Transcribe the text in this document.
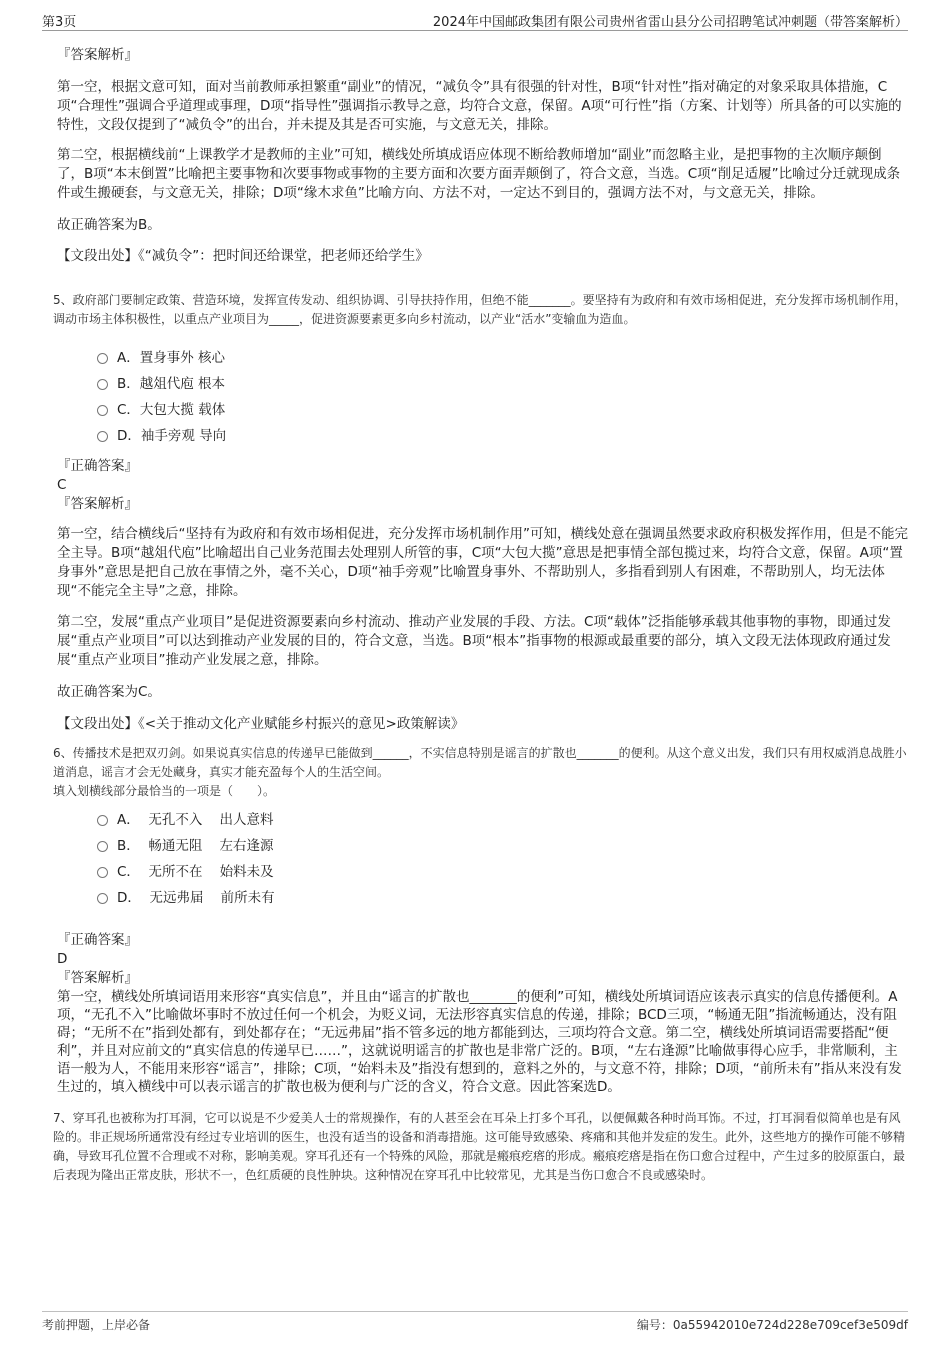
第3页	2024年中国邮政集团有限公司贵州省雷山县分公司招聘笔试冲刺题（带答案解析）

『答案解析』

第一空，根据文意可知，面对当前教师承担繁重“副业”的情况，“减负令”具有很强的针对性，B项“针对性”指对确定的对象采取具体措施，C项“合理性”强调合乎道理或事理，D项“指导性”强调指示教导之意，均符合文意，保留。A项“可行性”指（方案、计划等）所具备的可以实施的特性，文段仅提到了“减负令”的出台，并未提及其是否可实施，与文意无关，排除。

第二空，根据横线前“上课教学才是教师的主业”可知，横线处所填成语应体现不断给教师增加“副业”而忽略主业，是把事物的主次顺序颠倒了，B项“本末倒置”比喻把主要事物和次要事物或事物的主要方面和次要方面弄颠倒了，符合文意，当选。C项“削足适履”比喻过分迁就现成条件或生搬硬套，与文意无关，排除；D项“缘木求鱼”比喻方向、方法不对，一定达不到目的，强调方法不对，与文意无关，排除。

故正确答案为B。

【文段出处】《“减负令”：把时间还给课堂，把老师还给学生》

5、政府部门要制定政策、营造环境，发挥宣传发动、组织协调、引导扶持作用，但绝不能_______。要坚持有为政府和有效市场相促进，充分发挥市场机制作用，调动市场主体积极性，以重点产业项目为_____，促进资源要素更多向乡村流动，以产业“活水”变输血为造血。

A．置身事外 核心
B．越俎代庖 根本
C．大包大揽 载体
D．袖手旁观 导向

『正确答案』

C

『答案解析』

第一空，结合横线后“坚持有为政府和有效市场相促进，充分发挥市场机制作用”可知，横线处意在强调虽然要求政府积极发挥作用，但是不能完全主导。B项“越俎代庖”比喻超出自己业务范围去处理别人所管的事，C项“大包大揽”意思是把事情全部包揽过来，均符合文意，保留。A项“置身事外”意思是把自己放在事情之外，毫不关心，D项“袖手旁观”比喻置身事外、不帮助别人，多指看到别人有困难，不帮助别人，均无法体现“不能完全主导”之意，排除。

第二空，发展“重点产业项目”是促进资源要素向乡村流动、推动产业发展的手段、方法。C项“载体”泛指能够承载其他事物的事物，即通过发展“重点产业项目”可以达到推动产业发展的目的，符合文意，当选。B项“根本”指事物的根源或最重要的部分，填入文段无法体现政府通过发展“重点产业项目”推动产业发展之意，排除。

故正确答案为C。

【文段出处】《<关于推动文化产业赋能乡村振兴的意见>政策解读》

6、传播技术是把双刃剑。如果说真实信息的传递早已能做到______，不实信息特别是谣言的扩散也_______的便利。从这个意义出发，我们只有用权威消息战胜小道消息，谣言才会无处藏身，真实才能充盈每个人的生活空间。

填入划横线部分最恰当的一项是（　　）。

A．  无孔不入    出人意料
B．  畅通无阻    左右逢源
C．  无所不在    始料未及
D．  无远弗届    前所未有

『正确答案』

D

『答案解析』

第一空，横线处所填词语用来形容“真实信息”，并且由“谣言的扩散也_______的便利”可知，横线处所填词语应该表示真实的信息传播便利。A项，“无孔不入”比喻做坏事时不放过任何一个机会，为贬义词，无法形容真实信息的传递，排除；BCD三项，“畅通无阻”指流畅通达，没有阻碍；“无所不在”指到处都有，到处都存在；“无远弗届”指不管多远的地方都能到达，三项均符合文意。第二空，横线处所填词语需要搭配“便利”，并且对应前文的“真实信息的传递早已……”，这就说明谣言的扩散也是非常广泛的。B项，“左右逢源”比喻做事得心应手，非常顺利，主语一般为人，不能用来形容“谣言”，排除；C项，“始料未及”指没有想到的，意料之外的，与文意不符，排除；D项，“前所未有”指从来没有发生过的，填入横线中可以表示谣言的扩散也极为便利与广泛的含义，符合文意。因此答案选D。

7、穿耳孔也被称为打耳洞，它可以说是不少爱美人士的常规操作，有的人甚至会在耳朵上打多个耳孔，以便佩戴各种时尚耳饰。不过，打耳洞看似简单也是有风险的。非正规场所通常没有经过专业培训的医生，也没有适当的设备和消毒措施。这可能导致感染、疼痛和其他并发症的发生。此外，这些地方的操作可能不够精确，导致耳孔位置不合理或不对称，影响美观。穿耳孔还有一个特殊的风险，那就是瘢痕疙瘩的形成。瘢痕疙瘩是指在伤口愈合过程中，产生过多的胶原蛋白，最后表现为隆出正常皮肤，形状不一，色红质硬的良性肿块。这种情况在穿耳孔中比较常见，尤其是当伤口愈合不良或感染时。

考前押题，上岸必备	编号：0a55942010e724d228e709cef3e509df
